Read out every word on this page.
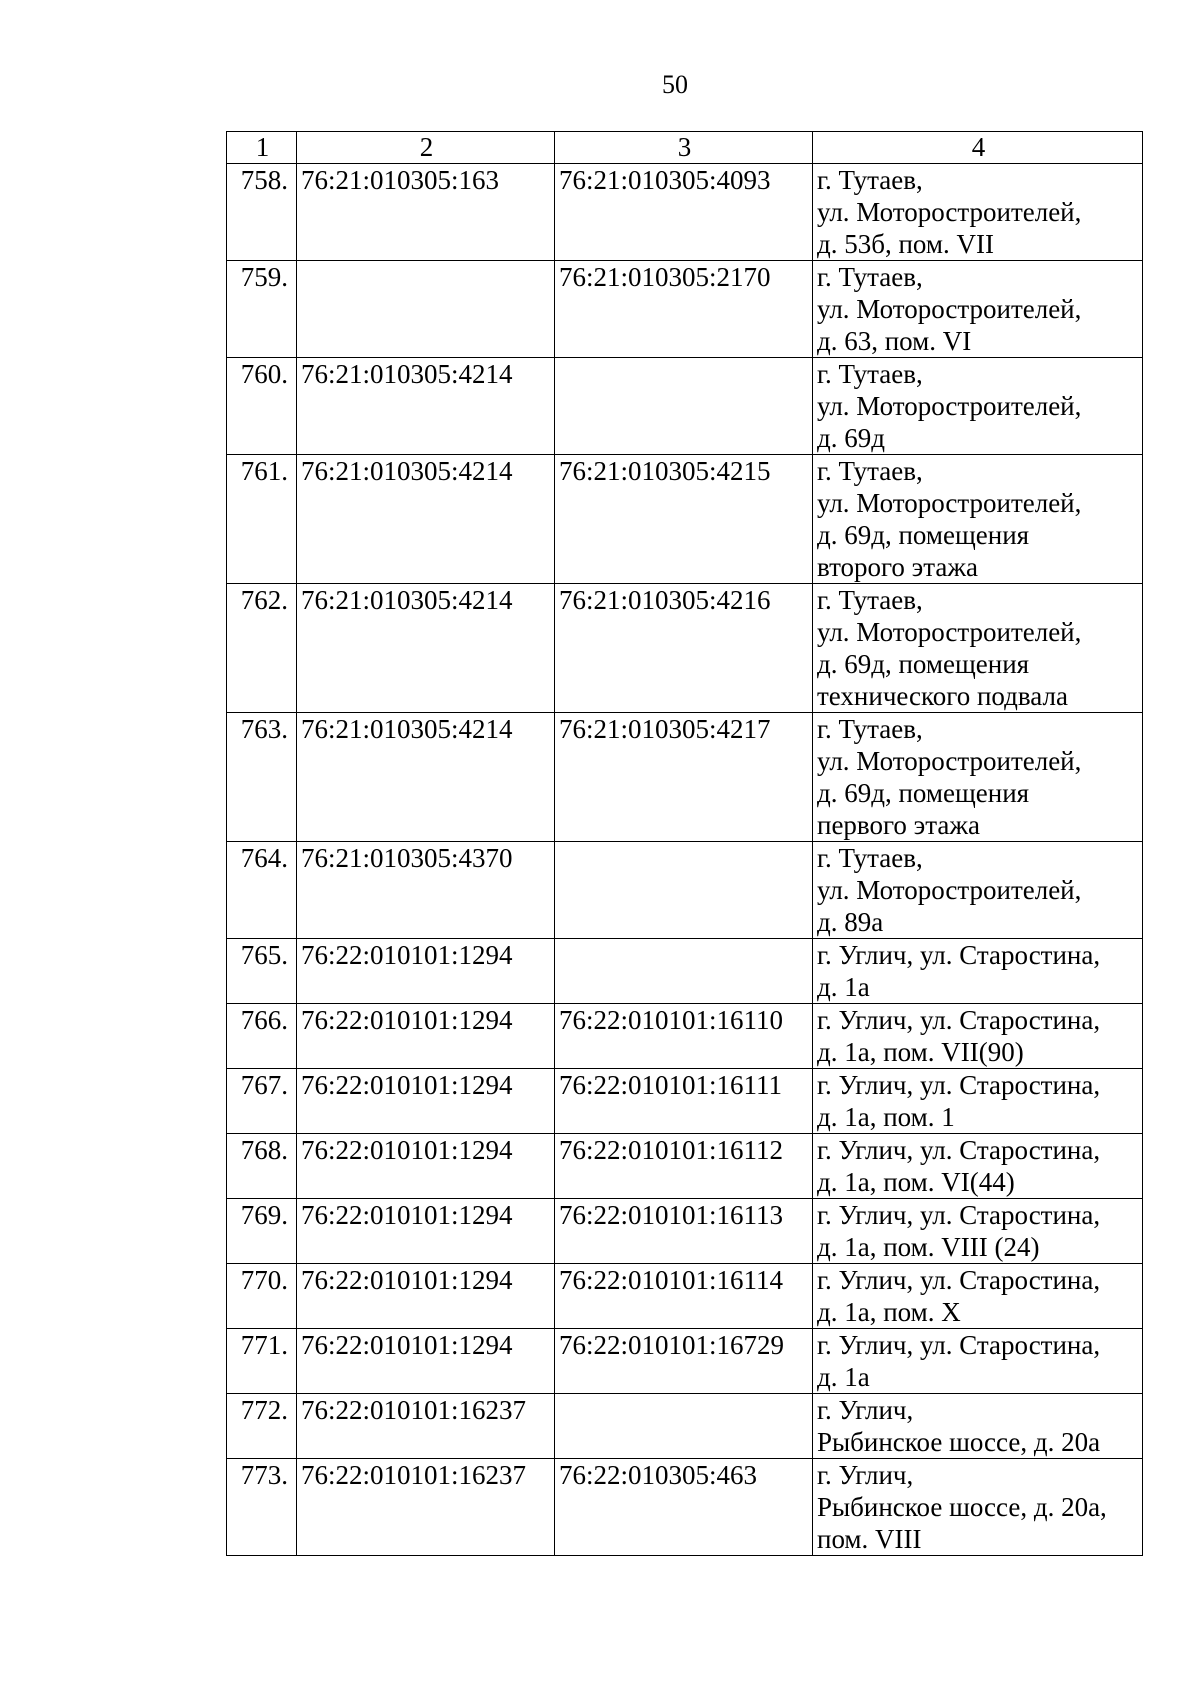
50
1	2	3	4
758.	76:21:010305:163	76:21:010305:4093	г. Тутаев,
ул. Моторостроителей,
д. 53б, пом. VII

759.		76:21:010305:2170	г. Тутаев,
ул. Моторостроителей,
д. 63, пом. VI

760.	76:21:010305:4214		г. Тутаев,
ул. Моторостроителей,
д. 69д

761.	76:21:010305:4214	76:21:010305:4215	г. Тутаев,
ул. Моторостроителей,
д. 69д, помещения
второго этажа

762.	76:21:010305:4214	76:21:010305:4216	г. Тутаев,
ул. Моторостроителей,
д. 69д, помещения
технического подвала

763.	76:21:010305:4214	76:21:010305:4217	г. Тутаев,
ул. Моторостроителей,
д. 69д, помещения
первого этажа

764.	76:21:010305:4370		г. Тутаев,
ул. Моторостроителей,
д. 89а

765.	76:22:010101:1294		г. Углич, ул. Старостина,
д. 1а

766.	76:22:010101:1294	76:22:010101:16110	г. Углич, ул. Старостина,
д. 1а, пом. VII(90)

767.	76:22:010101:1294	76:22:010101:16111	г. Углич, ул. Старостина,
д. 1а, пом. 1

768.	76:22:010101:1294	76:22:010101:16112	г. Углич, ул. Старостина,
д. 1а, пом. VI(44)

769.	76:22:010101:1294	76:22:010101:16113	г. Углич, ул. Старостина,
д. 1а, пом. VIII (24)

770.	76:22:010101:1294	76:22:010101:16114	г. Углич, ул. Старостина,
д. 1а, пом. X

771.	76:22:010101:1294	76:22:010101:16729	г. Углич, ул. Старостина,
д. 1а

772.	76:22:010101:16237		г. Углич,
Рыбинское шоссе, д. 20а

773.	76:22:010101:16237	76:22:010305:463	г. Углич,
Рыбинское шоссе, д. 20а,
пом. VIII
